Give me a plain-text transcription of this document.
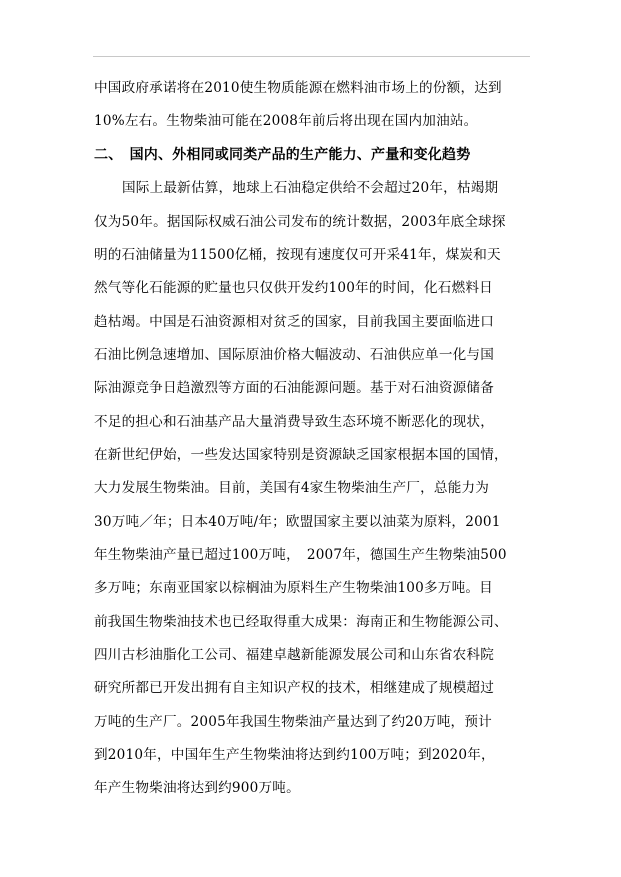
中国政府承诺将在2010使生物质能源在燃料油市场上的份额，达到
10%左右。生物柴油可能在2008年前后将出现在国内加油站。
二、　国内、外相同或同类产品的生产能力、产量和变化趋势
国际上最新估算，地球上石油稳定供给不会超过20年，枯竭期
仅为50年。据国际权威石油公司发布的统计数据，2003年底全球探
明的石油储量为11500亿桶，按现有速度仅可开采41年，煤炭和天
然气等化石能源的贮量也只仅供开发约100年的时间，化石燃料日
趋枯竭。中国是石油资源相对贫乏的国家，目前我国主要面临进口
石油比例急速增加、国际原油价格大幅波动、石油供应单一化与国
际油源竞争日趋激烈等方面的石油能源问题。基于对石油资源储备
不足的担心和石油基产品大量消费导致生态环境不断恶化的现状，
在新世纪伊始，一些发达国家特别是资源缺乏国家根据本国的国情，
大力发展生物柴油。目前，美国有4家生物柴油生产厂，总能力为
30万吨／年；日本40万吨/年；欧盟国家主要以油菜为原料，2001
年生物柴油产量已超过100万吨，　2007年，德国生产生物柴油500
多万吨；东南亚国家以棕榈油为原料生产生物柴油100多万吨。目
前我国生物柴油技术也已经取得重大成果：海南正和生物能源公司、
四川古杉油脂化工公司、福建卓越新能源发展公司和山东省农科院
研究所都已开发出拥有自主知识产权的技术，相继建成了规模超过
万吨的生产厂。2005年我国生物柴油产量达到了约20万吨，预计
到2010年，中国年生产生物柴油将达到约100万吨；到2020年，
年产生物柴油将达到约900万吨。
